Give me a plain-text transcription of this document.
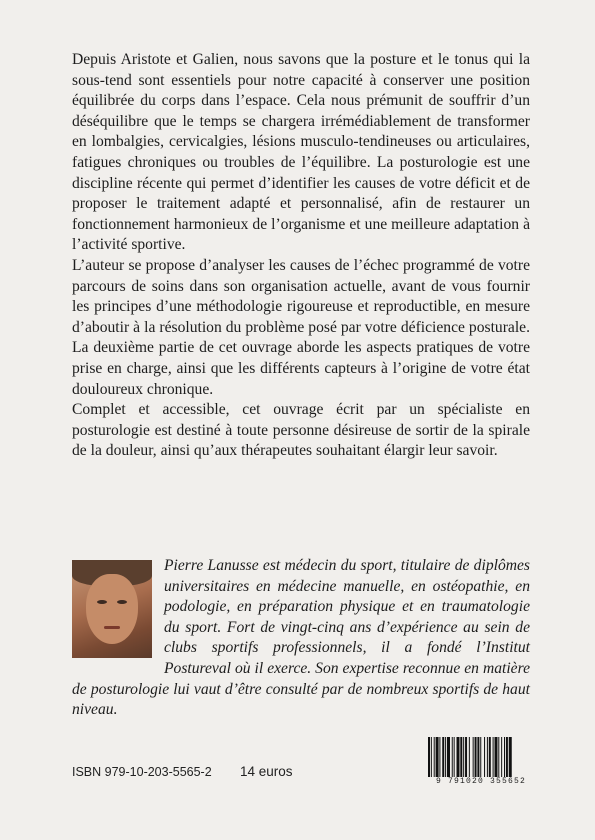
Depuis Aristote et Galien, nous savons que la posture et le tonus qui la sous-tend sont essentiels pour notre capacité à conserver une position équilibrée du corps dans l’espace. Cela nous prémunit de souffrir d’un déséquilibre que le temps se chargera irrémédiablement de transformer en lombalgies, cervicalgies, lésions musculo-tendineuses ou articulaires, fatigues chroniques ou troubles de l’équilibre. La posturologie est une discipline récente qui permet d’identifier les causes de votre déficit et de proposer le traitement adapté et personnalisé, afin de restaurer un fonctionnement harmonieux de l’organisme et une meilleure adaptation à l’activité sportive.

L’auteur se propose d’analyser les causes de l’échec programmé de votre parcours de soins dans son organisation actuelle, avant de vous fournir les principes d’une méthodologie rigoureuse et reproductible, en mesure d’aboutir à la résolution du problème posé par votre déficience posturale. La deuxième partie de cet ouvrage aborde les aspects pratiques de votre prise en charge, ainsi que les différents capteurs à l’origine de votre état douloureux chronique.

Complet et accessible, cet ouvrage écrit par un spécialiste en posturologie est destiné à toute personne désireuse de sortir de la spirale de la douleur, ainsi qu’aux thérapeutes souhaitant élargir leur savoir.

Pierre Lanusse est médecin du sport, titulaire de diplômes universitaires en médecine manuelle, en ostéopathie, en podologie, en préparation physique et en traumatologie du sport. Fort de vingt-cinq ans d’expérience au sein de clubs sportifs professionnels, il a fondé l’Institut Postureval où il exerce. Son expertise reconnue en matière de posturologie lui vaut d’être consulté par de nombreux sportifs de haut niveau.

ISBN 979-10-203-5565-2 14 euros
9 791020 355652
